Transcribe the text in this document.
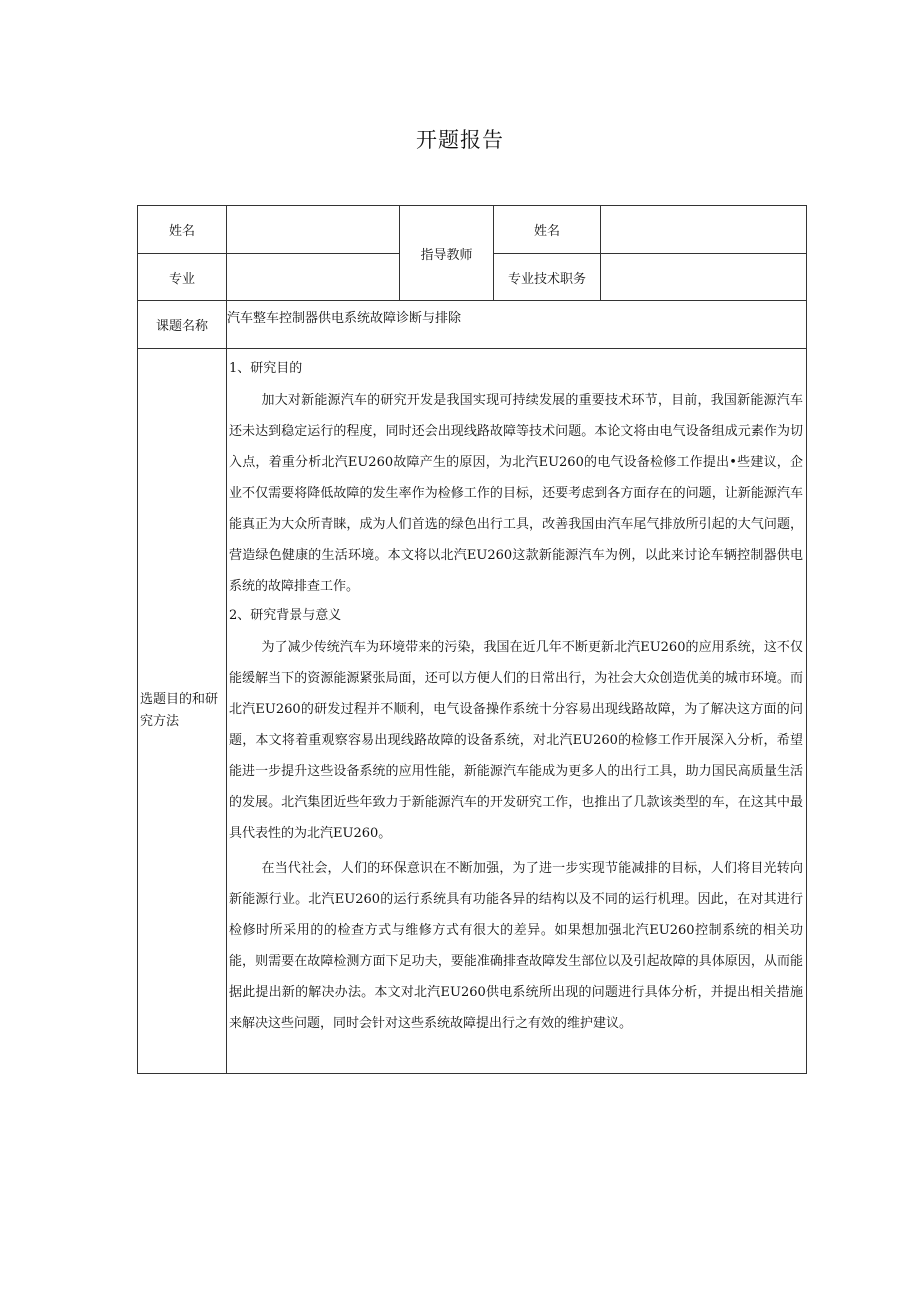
开题报告
姓名		指导教师	姓名	
专业			专业技术职务	
课题名称	汽车整车控制器供电系统故障诊断与排除			
选题目的和研究方法	1、研究目的
加大对新能源汽车的研究开发是我国实现可持续发展的重要技术环节，目前，我国新能源汽车还未达到稳定运行的程度，同时还会出现线路故障等技术问题。本论文将由电气设备组成元素作为切入点，着重分析北汽EU260故障产生的原因，为北汽EU260的电气设备检修工作提出•些建议，企业不仅需要将降低故障的发生率作为检修工作的目标，还要考虑到各方面存在的问题，让新能源汽车能真正为大众所青睐，成为人们首选的绿色出行工具，改善我国由汽车尾气排放所引起的大气问题，营造绿色健康的生活环境。本文将以北汽EU260这款新能源汽车为例，以此来讨论车辆控制器供电系统的故障排查工作。
2、研究背景与意义
为了减少传统汽车为环境带来的污染，我国在近几年不断更新北汽EU260的应用系统，这不仅能缓解当下的资源能源紧张局面，还可以方便人们的日常出行，为社会大众创造优美的城市环境。而北汽EU260的研发过程并不顺利，电气设备操作系统十分容易出现线路故障，为了解决这方面的问题，本文将着重观察容易出现线路故障的设备系统，对北汽EU260的检修工作开展深入分析，希望能进一步提升这些设备系统的应用性能，新能源汽车能成为更多人的出行工具，助力国民高质量生活的发展。北汽集团近些年致力于新能源汽车的开发研究工作，也推出了几款该类型的车，在这其中最具代表性的为北汽EU260。
在当代社会，人们的环保意识在不断加强，为了进一步实现节能减排的目标，人们将目光转向新能源行业。北汽EU260的运行系统具有功能各异的结构以及不同的运行机理。因此，在对其进行检修时所采用的的检查方式与维修方式有很大的差异。如果想加强北汽EU260控制系统的相关功能，则需要在故障检测方面下足功夫，要能准确排查故障发生部位以及引起故障的具体原因，从而能据此提出新的解决办法。本文对北汽EU260供电系统所出现的问题进行具体分析，并提出相关措施来解决这些问题，同时会针对这些系统故障提出行之有效的维护建议。			
